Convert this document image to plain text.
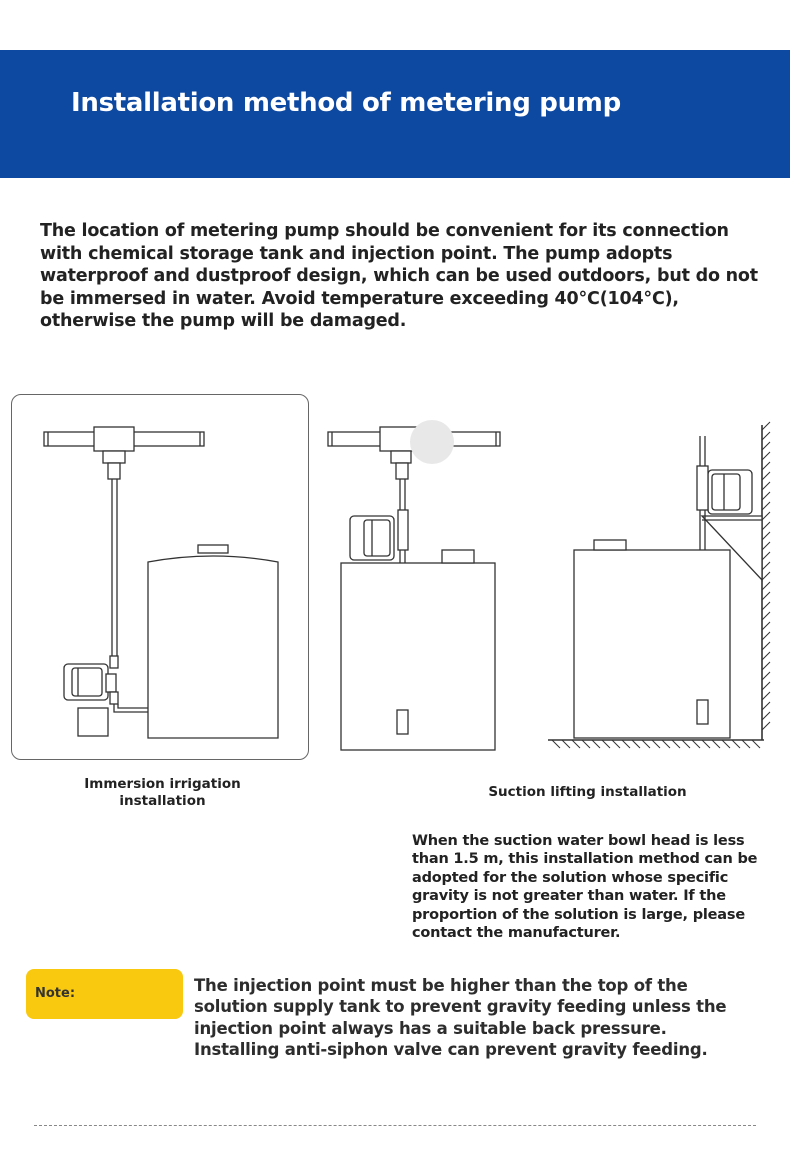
Installation method of metering pump

The location of metering pump should be convenient for its connection with chemical storage tank and injection point. The pump adopts waterproof and dustproof design, which can be used outdoors, but do not be immersed in water. Avoid temperature exceeding 40°C(104°C), otherwise the pump will be damaged.

Immersion irrigation installation
Suction lifting installation

When the suction water bowl head is less than 1.5 m, this installation method can be adopted for the solution whose specific gravity is not greater than water. If the proportion of the solution is large, please contact the manufacturer.

Note:	The injection point must be higher than the top of the solution supply tank to prevent gravity feeding unless the injection point always has a suitable back pressure. Installing anti-siphon valve can prevent gravity feeding.
